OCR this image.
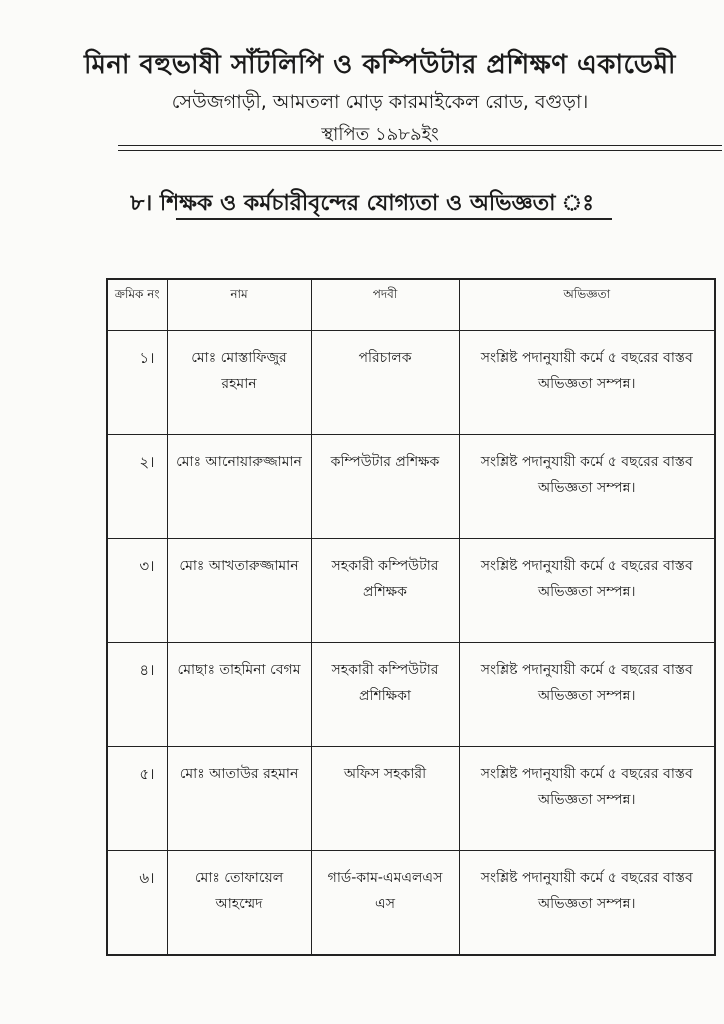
মিনা বহুভাষী সাঁটলিপি ও কম্পিউটার প্রশিক্ষণ একাডেমী
সেউজগাড়ী, আমতলা মোড় কারমাইকেল রোড, বগুড়া।
স্থাপিত ১৯৮৯ইং
৮। শিক্ষক ও কর্মচারীবৃন্দের যোগ্যতা ও অভিজ্ঞতা ঃ
ক্রমিক নং	নাম	পদবী	অভিজ্ঞতা
১।	মোঃ মোস্তাফিজুর রহমান	পরিচালক	সংশ্লিষ্ট পদানুযায়ী কর্মে ৫ বছরের বাস্তব অভিজ্ঞতা সম্পন্ন।
২।	মোঃ আনোয়ারুজ্জামান	কম্পিউটার প্রশিক্ষক	সংশ্লিষ্ট পদানুযায়ী কর্মে ৫ বছরের বাস্তব অভিজ্ঞতা সম্পন্ন।
৩।	মোঃ আখতারুজ্জামান	সহকারী কম্পিউটার প্রশিক্ষক	সংশ্লিষ্ট পদানুযায়ী কর্মে ৫ বছরের বাস্তব অভিজ্ঞতা সম্পন্ন।
৪।	মোছাঃ তাহমিনা বেগম	সহকারী কম্পিউটার প্রশিক্ষিকা	সংশ্লিষ্ট পদানুযায়ী কর্মে ৫ বছরের বাস্তব অভিজ্ঞতা সম্পন্ন।
৫।	মোঃ আতাউর রহমান	অফিস সহকারী	সংশ্লিষ্ট পদানুযায়ী কর্মে ৫ বছরের বাস্তব অভিজ্ঞতা সম্পন্ন।
৬।	মোঃ তোফায়েল আহম্মেদ	গার্ড-কাম-এমএলএস এস	সংশ্লিষ্ট পদানুযায়ী কর্মে ৫ বছরের বাস্তব অভিজ্ঞতা সম্পন্ন।
